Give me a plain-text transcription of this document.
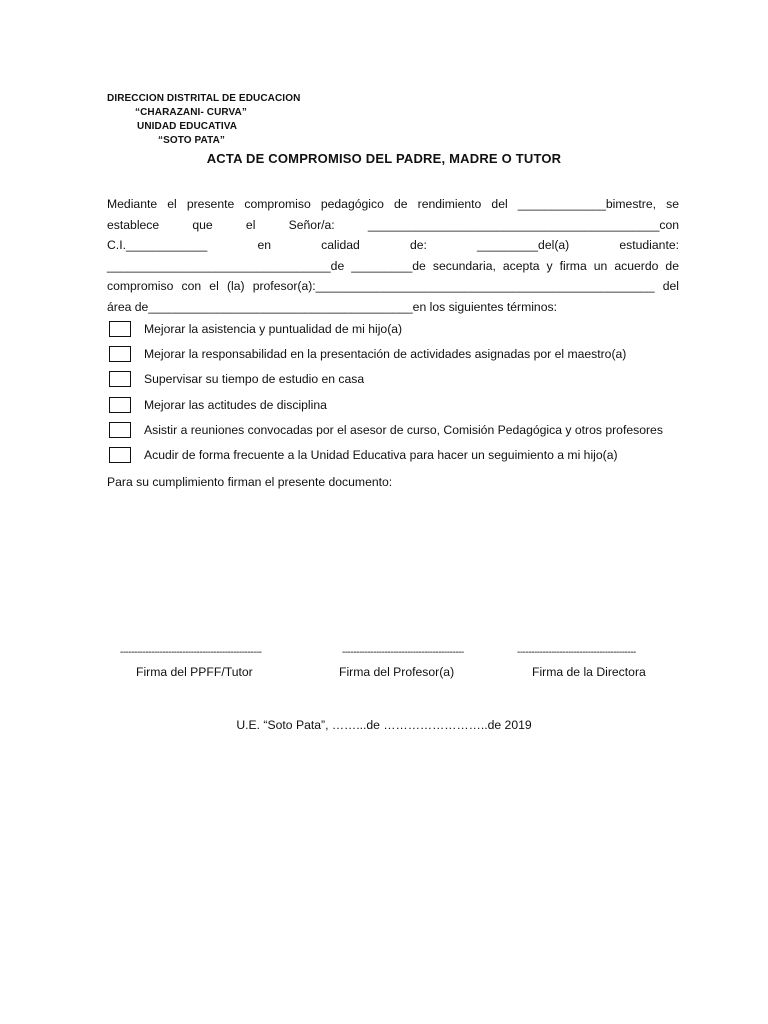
DIRECCION DISTRITAL DE EDUCACION
“CHARAZANI- CURVA”
UNIDAD EDUCATIVA
“SOTO PATA”
ACTA DE COMPROMISO DEL PADRE, MADRE O TUTOR
Mediante el presente compromiso pedagógico de rendimiento del _____________bimestre, se
establece que el Señor/a: ___________________________________________con
C.I.____________ en calidad de: _________del(a) estudiante:
_________________________________de _________de secundaria, acepta y firma un acuerdo de
compromiso con el (la) profesor(a):__________________________________________________ del
área de_______________________________________en los siguientes términos:
Mejorar la asistencia y puntualidad de mi hijo(a)
Mejorar la responsabilidad en la presentación de actividades asignadas por el maestro(a)
Supervisar su tiempo de estudio en casa
Mejorar las actitudes de disciplina
Asistir a reuniones convocadas por el asesor de curso, Comisión Pedagógica y otros profesores
Acudir de forma frecuente a la Unidad Educativa para hacer un seguimiento a mi hijo(a)
Para su cumplimiento firman el presente documento:
--------------------------------------------------	-------------------------------------------	------------------------------------------
Firma del PPFF/Tutor	Firma del Profesor(a)	Firma de la Directora
U.E. “Soto Pata”, ……...de ……………………..de 2019
